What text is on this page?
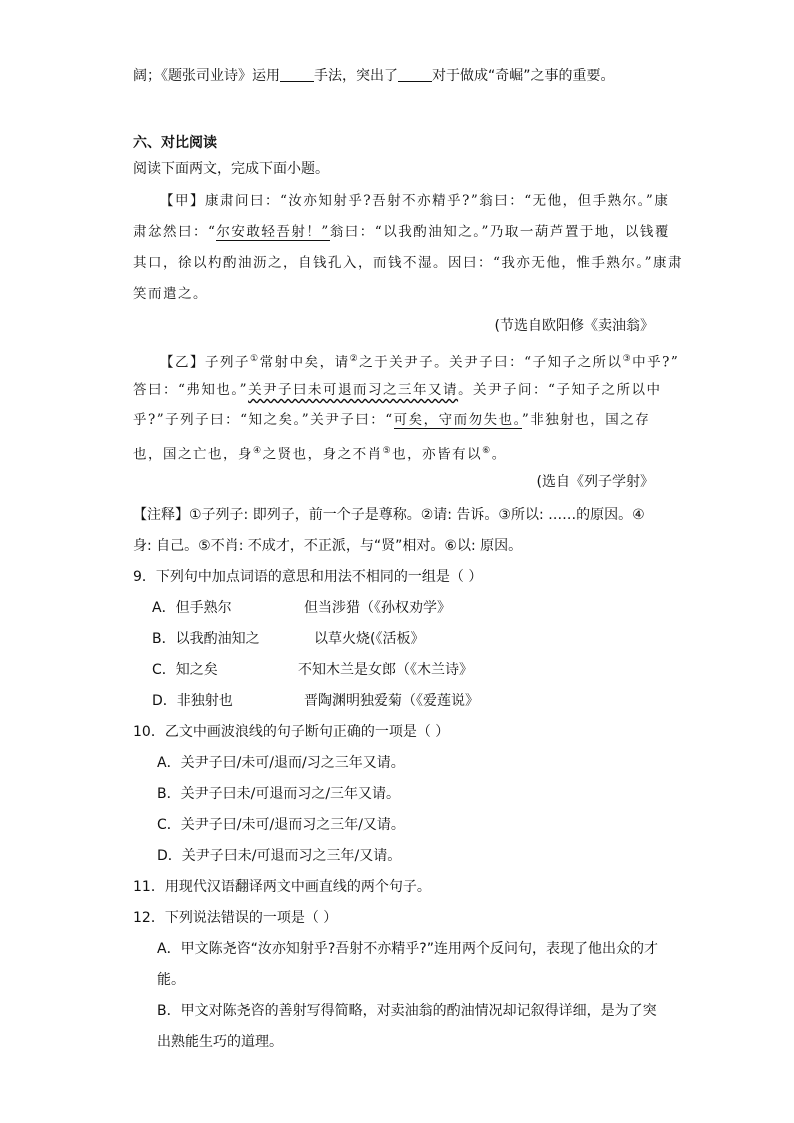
阔；《题张司业诗》运用 手法，突出了 对于做成“奇崛”之事的重要。
六、对比阅读
阅读下面两文，完成下面小题。
【甲】康肃问曰：“汝亦知射乎?吾射不亦精乎?”翁曰：“无他，但手熟尔。”康
肃忿然曰：“尔安敢轻吾射！”翁曰：“以我酌油知之。”乃取一葫芦置于地，以钱覆
其口，徐以杓酌油沥之，自钱孔入，而钱不湿。因曰：“我亦无他，惟手熟尔。”康肃
笑而遣之。
(节选自欧阳修《卖油翁》
【乙】子列子①常射中矣，请②之于关尹子。关尹子曰：“子知子之所以③中乎?”
答曰：“弗知也。”关尹子曰未可退而习之三年又请。关尹子问：“子知子之所以中
乎?”子列子曰：“知之矣。”关尹子曰：“可矣，守而勿失也。”非独射也，国之存
也，国之亡也，身④之贤也，身之不肖⑤也，亦皆有以⑥。
(选自《列子学射》
【注释】①子列子: 即列子，前一个子是尊称。②请: 告诉。③所以: ……的原因。④
身: 自己。⑤不肖: 不成才，不正派，与“贤”相对。⑥以: 原因。
9．下列句中加点词语的意思和用法不相同的一组是（ ）
A．但手熟尔	但当涉猎（《孙权劝学》
B．以我酌油知之	以草火烧(《活板》
C．知之矣	不知木兰是女郎（《木兰诗》
D．非独射也	晋陶渊明独爱菊（《爱莲说》
10．乙文中画波浪线的句子断句正确的一项是（ ）
A．关尹子曰/未可/退而/习之三年又请。
B．关尹子曰未/可退而习之/三年又请。
C．关尹子曰/未可/退而习之三年/又请。
D．关尹子曰未/可退而习之三年/又请。
11．用现代汉语翻译两文中画直线的两个句子。
12．下列说法错误的一项是（ ）
A．甲文陈尧咨“汝亦知射乎?吾射不亦精乎?”连用两个反问句，表现了他出众的才
能。
B．甲文对陈尧咨的善射写得简略，对卖油翁的酌油情况却记叙得详细，是为了突
出熟能生巧的道理。
